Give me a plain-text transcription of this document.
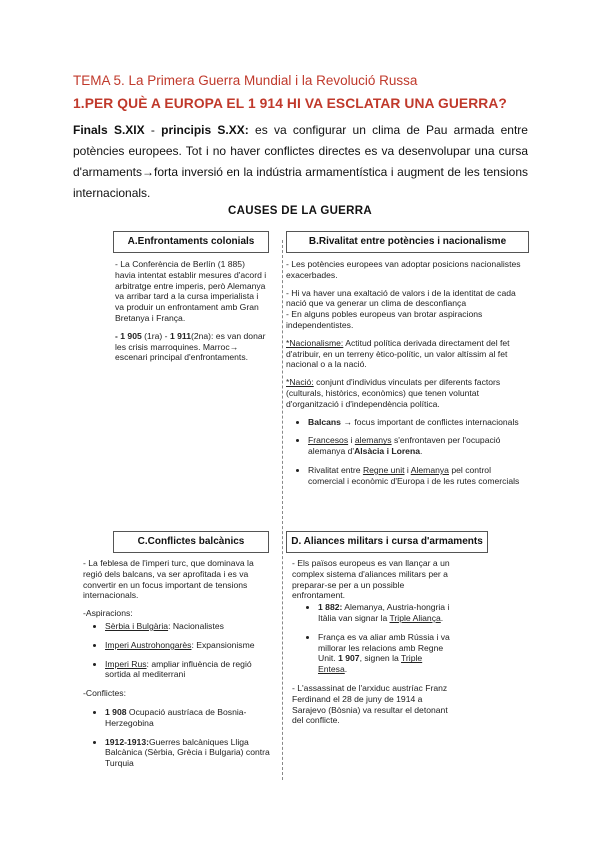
TEMA 5. La Primera Guerra Mundial i la Revolució Russa
1.PER QUÈ A EUROPA EL 1 914 HI VA ESCLATAR UNA GUERRA?
Finals S.XIX - principis S.XX: es va configurar un clima de Pau armada entre potències europees. Tot i no haver conflictes directes es va desenvolupar una cursa d'armaments→forta inversió en la indústria armamentística i augment de les tensions internacionals.
CAUSES DE LA GUERRA
A.Enfrontaments colonials

- La Conferència de Berlín (1 885) havia intentat establir mesures d'acord i arbitratge entre imperis, però Alemanya va arribar tard a la cursa imperialista i va produir un enfrontament amb Gran Bretanya i França.

- 1 905 (1ra) - 1 911(2na): es van donar les crisis marroquines. Marroc→ escenari principal d'enfrontaments.

B.Rivalitat entre potències i nacionalisme

- Les potències europees van adoptar posicions nacionalistes exacerbades.

- Hi va haver una exaltació de valors i de la identitat de cada nació que va generar un clima de desconfiança

- En alguns pobles europeus van brotar aspiracions independentistes.

*Nacionalisme: Actitud política derivada directament del fet d'atribuir, en un terreny ètico-polític, un valor altíssim al fet nacional o a la nació.

*Nació: conjunt d'individus vinculats per diferents factors (culturals, històrics, econòmics) que tenen voluntat d'organització i d'independència política.

• Balcans → focus important de conflictes internacionals
• Francesos i alemanys s'enfrontaven per l'ocupació alemanya d'Alsàcia i Lorena.
• Rivalitat entre Regne unit i Alemanya pel control comercial i econòmic d'Europa i de les rutes comercials
C.Conflictes balcànics

- La feblesa de l'imperi turc, que dominava la regió dels balcans, va ser aprofitada i es va convertir en un focus important de tensions internacionals.

-Aspiracions:

• Sèrbia i Bulgària: Nacionalistes
• Imperi Austrohongarès: Expansionisme
• Imperi Rus: ampliar influència de regió sortida al mediterrani

-Conflictes:

• 1 908 Ocupació austríaca de Bosnia-Herzegobina
• 1912-1913:Guerres balcàniques Lliga Balcànica (Sèrbia, Grècia i Bulgaria) contra Turquia
D. Aliances militars i cursa d'armaments

- Els països europeus es van llançar a un complex sistema d'aliances militars per a preparar-se per a un possible enfrontament.

• 1 882: Alemanya, Austria-hongria i Itàlia van signar la Triple Aliança.
• França es va aliar amb Rússia i va millorar les relacions amb Regne Unit. 1 907, signen la Triple Entesa.

- L'assassinat de l'arxiduc austríac Franz Ferdinand el 28 de juny de 1914 a Sarajevo (Bòsnia) va resultar el detonant del conflicte.
